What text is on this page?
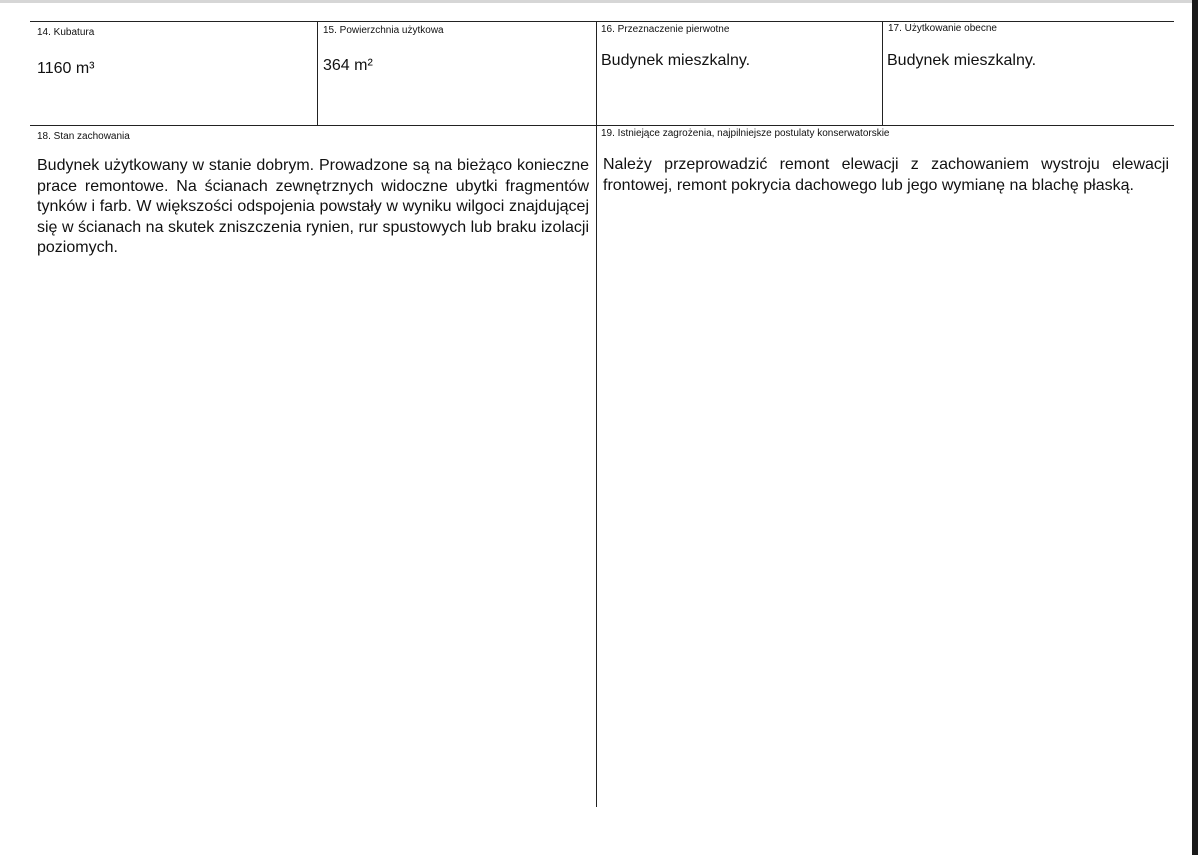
14. Kubatura
1160 m³
15. Powierzchnia użytkowa
364 m²
16. Przeznaczenie pierwotne
Budynek mieszkalny.
17. Użytkowanie obecne
Budynek mieszkalny.
18. Stan zachowania
Budynek użytkowany w stanie dobrym. Prowadzone są na bieżąco konieczne prace remontowe. Na ścianach zewnętrznych widoczne ubytki fragmentów tynków i farb. W większości odspojenia powstały w wyniku wilgoci znajdującej się w ścianach na skutek zniszczenia rynien, rur spustowych lub braku izolacji poziomych.
19. Istniejące zagrożenia, najpilniejsze postulaty konserwatorskie
Należy przeprowadzić remont elewacji z zachowaniem wystroju elewacji frontowej, remont pokrycia dachowego lub jego wymianę na blachę płaską.
